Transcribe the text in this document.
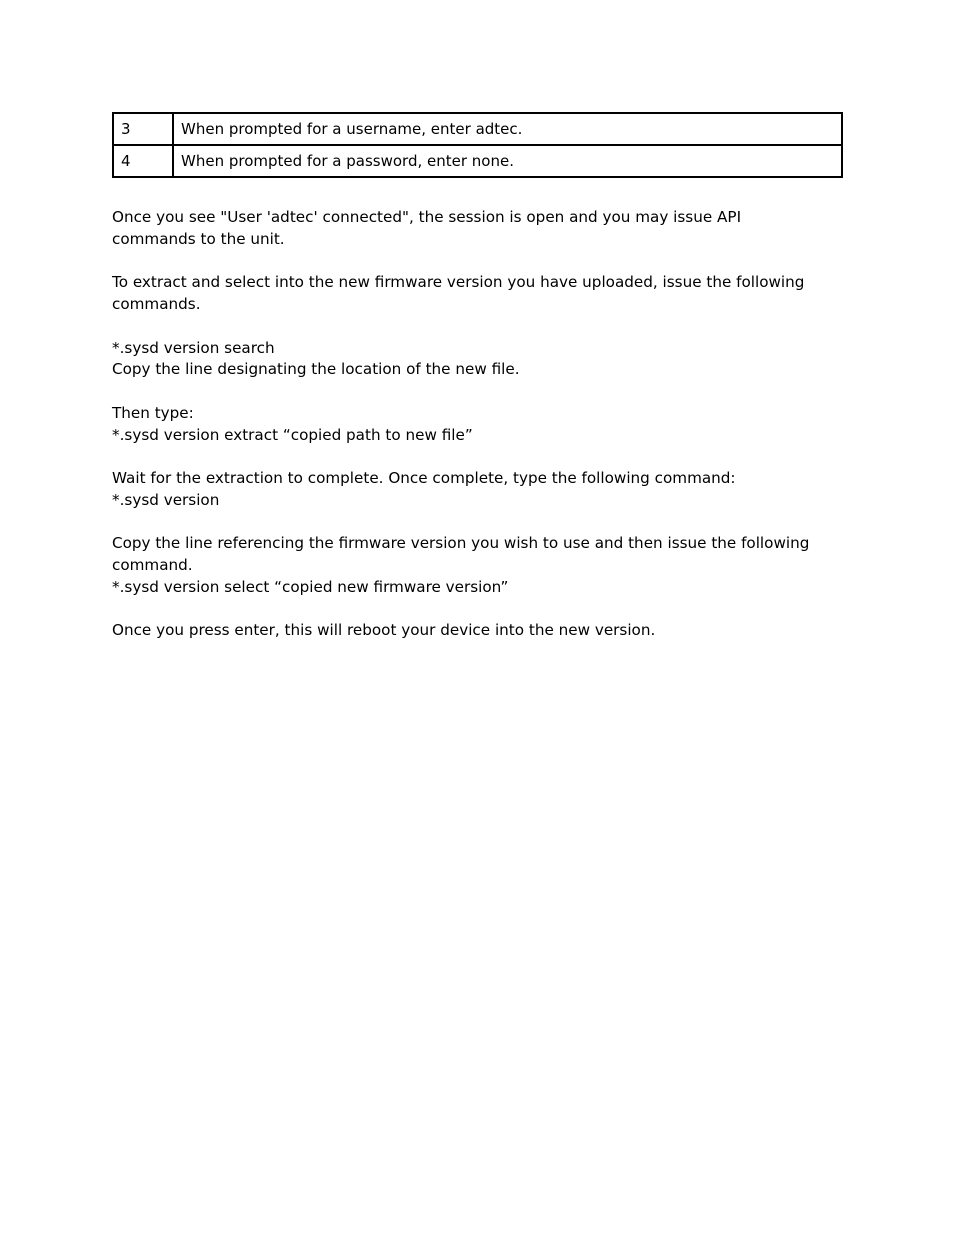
3	When prompted for a username, enter adtec.
4	When prompted for a password, enter none.

Once you see "User 'adtec' connected", the session is open and you may issue API

commands to the unit.

To extract and select into the new firmware version you have uploaded, issue the following

commands.

*.sysd version search

Copy the line designating the location of the new file.

Then type:

*.sysd version extract “copied path to new file”

Wait for the extraction to complete. Once complete, type the following command:

*.sysd version

Copy the line referencing the firmware version you wish to use and then issue the following

command.

*.sysd version select “copied new firmware version”

Once you press enter, this will reboot your device into the new version.
